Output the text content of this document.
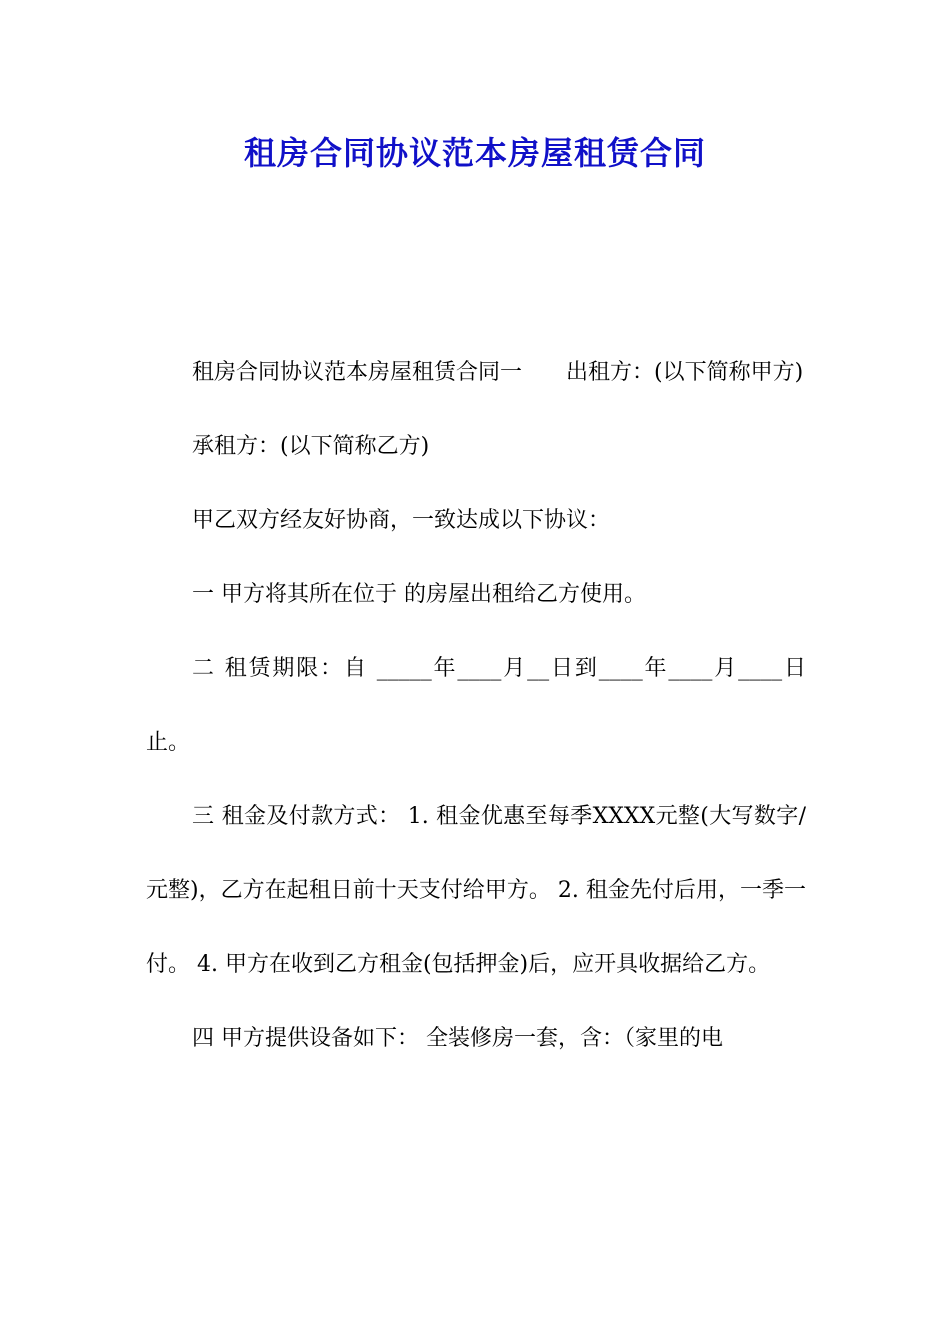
租房合同协议范本房屋租赁合同

租房合同协议范本房屋租赁合同一　　出租方：(以下简称甲方)

承租方：(以下简称乙方)

甲乙双方经友好协商，一致达成以下协议：

一 甲方将其所在位于 的房屋出租给乙方使用。

二 租赁期限：自 _____年____月__日到____年____月____日止。

三 租金及付款方式： 1. 租金优惠至每季XXXX元整(大写数字/元整)，乙方在起租日前十天支付给甲方。 2. 租金先付后用，一季一付。 4. 甲方在收到乙方租金(包括押金)后，应开具收据给乙方。

四 甲方提供设备如下： 全装修房一套，含：（家里的电
